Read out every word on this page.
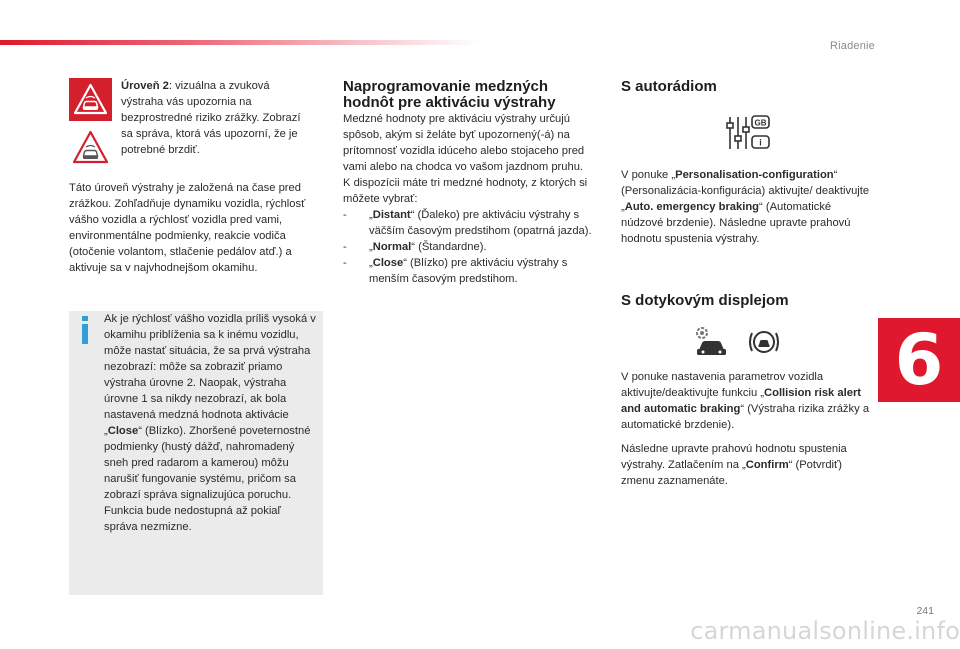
Riadenie

Úroveň 2: vizuálna a zvuková výstraha vás upozornia na bezprostredné riziko zrážky. Zobrazí sa správa, ktorá vás upozorní, že je potrebné brzdiť.

Táto úroveň výstrahy je založená na čase pred zrážkou. Zohľadňuje dynamiku vozidla, rýchlosť vášho vozidla a rýchlosť vozidla pred vami, environmentálne podmienky, reakcie vodiča (otočenie volantom, stlačenie pedálov atď.) a aktivuje sa v najvhodnejšom okamihu.

Ak je rýchlosť vášho vozidla príliš vysoká v okamihu priblíženia sa k inému vozidlu, môže nastať situácia, že sa prvá výstraha nezobrazí: môže sa zobraziť priamo výstraha úrovne 2. Naopak, výstraha úrovne 1 sa nikdy nezobrazí, ak bola nastavená medzná hodnota aktivácie „Close“ (Blízko). Zhoršené poveternostné podmienky (hustý dážď, nahromadený sneh pred radarom a kamerou) môžu narušiť fungovanie systému, pričom sa zobrazí správa signalizujúca poruchu. Funkcia bude nedostupná až pokiaľ správa nezmizne.

Naprogramovanie medzných hodnôt pre aktiváciu výstrahy
Medzné hodnoty pre aktiváciu výstrahy určujú spôsob, akým si želáte byť upozornený(-á) na prítomnosť vozidla idúceho alebo stojaceho pred vami alebo na chodca vo vašom jazdnom pruhu.
K dispozícii máte tri medzné hodnoty, z ktorých si môžete vybrať:
- „Distant“ (Ďaleko) pre aktiváciu výstrahy s väčším časovým predstihom (opatrná jazda).
- „Normal“ (Štandardne).
- „Close“ (Blízko) pre aktiváciu výstrahy s menším časovým predstihom.
S autorádiom
GB
i

V ponuke „Personalisation-configuration“ (Personalizácia-konfigurácia) aktivujte/ deaktivujte „Auto. emergency braking“ (Automatické núdzové brzdenie). Následne upravte prahovú hodnotu spustenia výstrahy.

S dotykovým displejom

V ponuke nastavenia parametrov vozidla aktivujte/deaktivujte funkciu „Collision risk alert and automatic braking“ (Výstraha rizika zrážky a automatické brzdenie).

Následne upravte prahovú hodnotu spustenia výstrahy. Zatlačením na „Confirm“ (Potvrdiť) zmenu zaznamenáte.

6
241
carmanualsonline.info
